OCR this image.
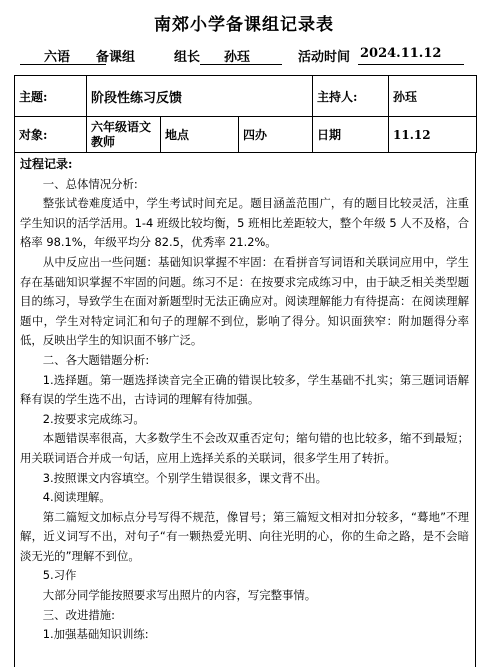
南郊小学备课组记录表
六语 备课组	组长 孙珏	活动时间 2024.11.12
主题:	阶段性练习反馈			主持人:	孙珏
对象:	六年级语文教师	地点	四办	日期	11.12

过程记录:

一、总体情况分析:

整张试卷难度适中，学生考试时间充足。题目涵盖范围广，有的题目比较灵活，注重学生知识的活学活用。1-4 班级比较均衡，5 班相比差距较大，整个年级 5 人不及格，合格率 98.1%，年级平均分 82.5，优秀率 21.2%。

从中反应出一些问题：基础知识掌握不牢固：在看拼音写词语和关联词应用中，学生存在基础知识掌握不牢固的问题。练习不足：在按要求完成练习中，由于缺乏相关类型题目的练习，导致学生在面对新题型时无法正确应对。阅读理解能力有待提高：在阅读理解题中，学生对特定词汇和句子的理解不到位，影响了得分。知识面狭窄：附加题得分率低，反映出学生的知识面不够广泛。

二、各大题错题分析:

1.选择题。第一题选择读音完全正确的错误比较多，学生基础不扎实；第三题词语解释有误的学生选不出，古诗词的理解有待加强。

2.按要求完成练习。

本题错误率很高，大多数学生不会改双重否定句；缩句错的也比较多，缩不到最短；用关联词语合并成一句话，应用上选择关系的关联词，很多学生用了转折。

3.按照课文内容填空。个别学生错误很多，课文背不出。

4.阅读理解。

第二篇短文加标点分号写得不规范，像冒号；第三篇短文相对扣分较多，“蓦地”不理解，近义词写不出，对句子“有一颗热爱光明、向往光明的心，你的生命之路，是不会暗淡无光的”理解不到位。

5.习作

大部分同学能按照要求写出照片的内容，写完整事情。

三、改进措施:

1.加强基础知识训练:
